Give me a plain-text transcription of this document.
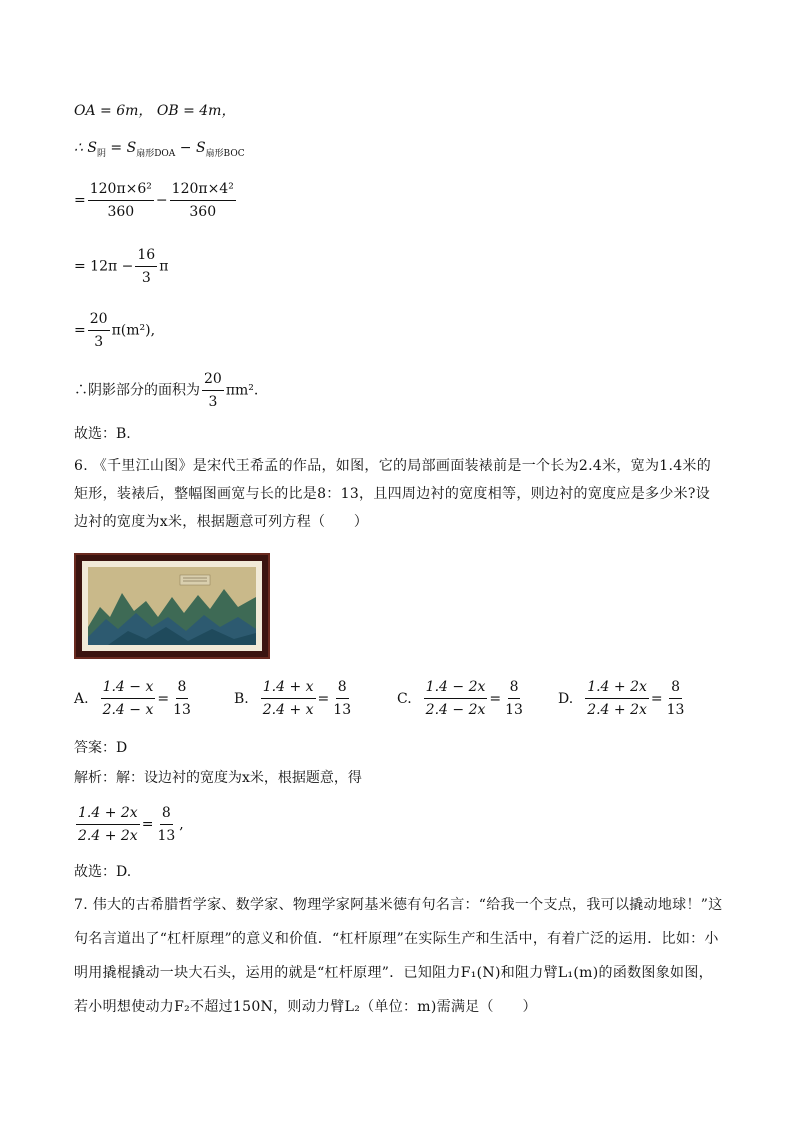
OA = 6m， OB = 4m，
∴ $S_阴 = S_{扇形DOA} - S_{扇形BOC}$
= $\frac{\text{120π×6²}}{360} - \frac{\text{120π×4²}}{360}$
= $12\pi - \frac{16}{3}$ π
= $\frac{20}{3} \pi(m^2)$,
∴阴影部分的面积为 $\frac{20}{3} \pi m^2$.
故选：B.
6. 《千里江山图》是宋代王希孟的作品，如图，它的局部画面装裱前是一个长为2.4米，宽为1.4米的矩形，装裱后，整幅图画宽与长的比是8：13，且四周边衬的宽度相等，则边衬的宽度应是多少米?设边衬的宽度为x米，根据题意可列方程（　　）
A. $\frac{1.4 - x}{2.4 - x} = \frac{8}{13}$	B. $\frac{1.4 + x}{2.4 + x} = \frac{8}{13}$	C. $\frac{1.4 - 2x}{2.4 - 2x} = \frac{8}{13} D$. $\frac{1.4 + 2x}{2.4 + 2x} = \frac{8}{13}$
答案：D
解析：解：设边衬的宽度为x米，根据题意，得
$\frac{1.4 + 2x}{2.4 + 2x} = \frac{8}{13}$ ,
故选：D.
7. 伟大的古希腊哲学家、数学家、物理学家阿基米德有句名言：“给我一个支点，我可以撬动地球！”这句名言道出了“杠杆原理”的意义和价值．“杠杆原理”在实际生产和生活中，有着广泛的运用．比如：小明用撬棍撬动一块大石头，运用的就是“杠杆原理”．已知阻力F₁(N)和阻力臂L₁(m)的函数图象如图，若小明想使动力F₂不超过150N，则动力臂L₂（单位：m)需满足（　　）
